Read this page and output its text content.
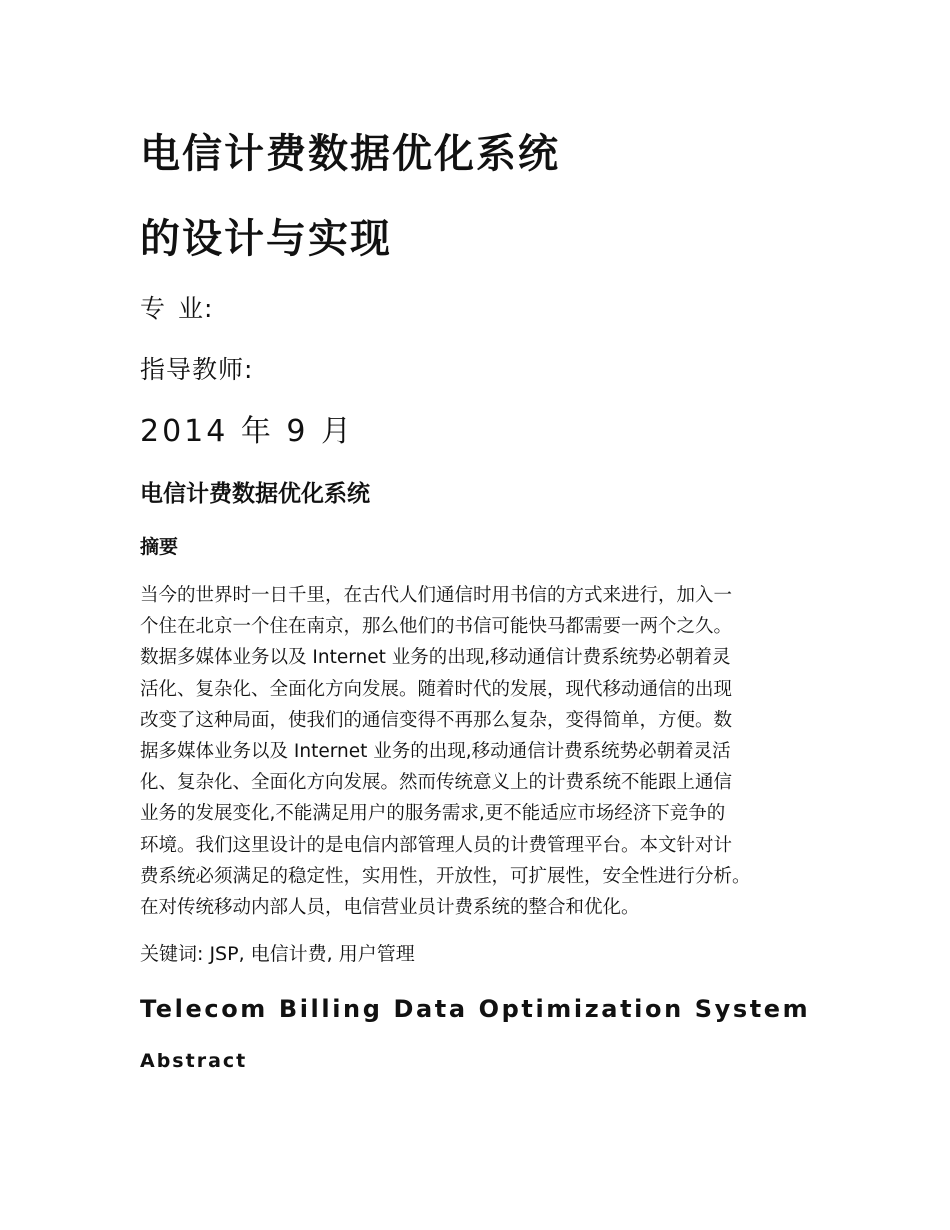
电信计费数据优化系统
的设计与实现
专 业:
指导教师:
2014 年 9 月
电信计费数据优化系统
摘要
当今的世界时一日千里，在古代人们通信时用书信的方式来进行，加入一
个住在北京一个住在南京，那么他们的书信可能快马都需要一两个之久。
数据多媒体业务以及 Internet 业务的出现,移动通信计费系统势必朝着灵
活化、复杂化、全面化方向发展。随着时代的发展，现代移动通信的出现
改变了这种局面，使我们的通信变得不再那么复杂，变得简单，方便。数
据多媒体业务以及 Internet 业务的出现,移动通信计费系统势必朝着灵活
化、复杂化、全面化方向发展。然而传统意义上的计费系统不能跟上通信
业务的发展变化,不能满足用户的服务需求,更不能适应市场经济下竞争的
环境。我们这里设计的是电信内部管理人员的计费管理平台。本文针对计
费系统必须满足的稳定性，实用性，开放性，可扩展性，安全性进行分析。
在对传统移动内部人员，电信营业员计费系统的整合和优化。
关键词: JSP, 电信计费, 用户管理
Telecom Billing Data Optimization System
Abstract
